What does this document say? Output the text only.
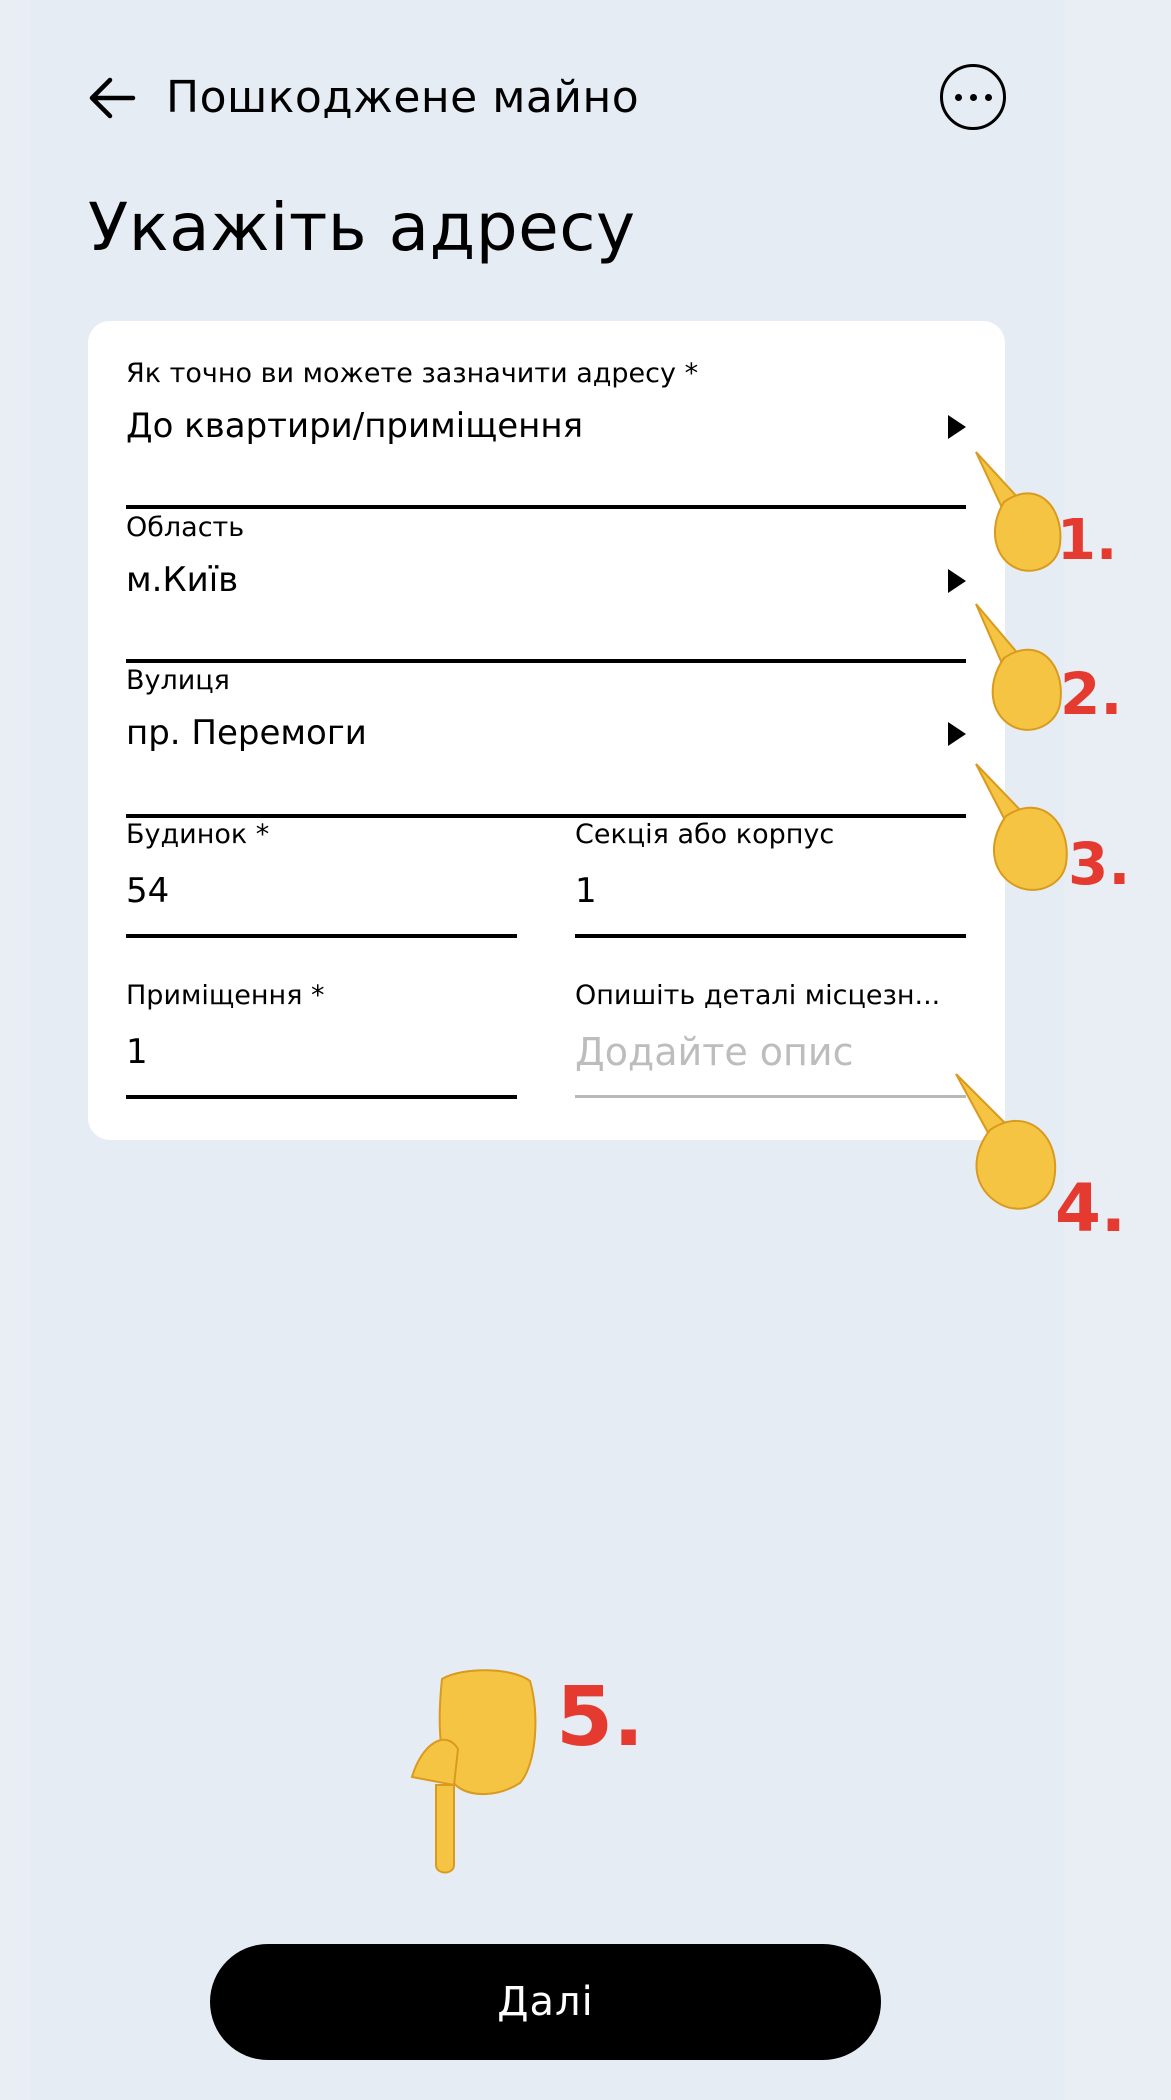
Пошкоджене майно
Укажіть адресу
Як точно ви можете зазначити адресу *
До квартири/приміщення
Область
м.Київ
Вулиця
пр. Перемоги
Будинок *
54
Секція або корпус
1
Приміщення *
1
Опишіть деталі місцезн...
Додайте опис
1.
2.
3.
4.
5.
Далі
